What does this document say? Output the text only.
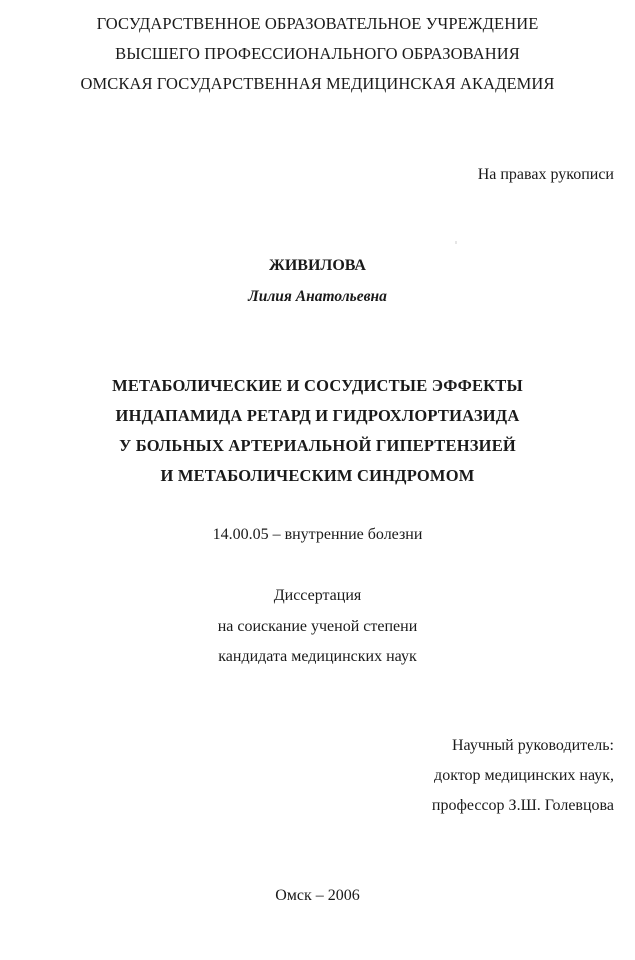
ГОСУДАРСТВЕННОЕ ОБРАЗОВАТЕЛЬНОЕ УЧРЕЖДЕНИЕ
ВЫСШЕГО ПРОФЕССИОНАЛЬНОГО ОБРАЗОВАНИЯ
ОМСКАЯ ГОСУДАРСТВЕННАЯ МЕДИЦИНСКАЯ АКАДЕМИЯ
На правах рукописи
ЖИВИЛОВА
Лилия Анатольевна
МЕТАБОЛИЧЕСКИЕ И СОСУДИСТЫЕ ЭФФЕКТЫ
ИНДАПАМИДА РЕТАРД И ГИДРОХЛОРТИАЗИДА
У БОЛЬНЫХ АРТЕРИАЛЬНОЙ ГИПЕРТЕНЗИЕЙ
И МЕТАБОЛИЧЕСКИМ СИНДРОМОМ
14.00.05 – внутренние болезни
Диссертация
на соискание ученой степени
кандидата медицинских наук
Научный руководитель:
доктор медицинских наук,
профессор З.Ш. Голевцова
Омск – 2006
